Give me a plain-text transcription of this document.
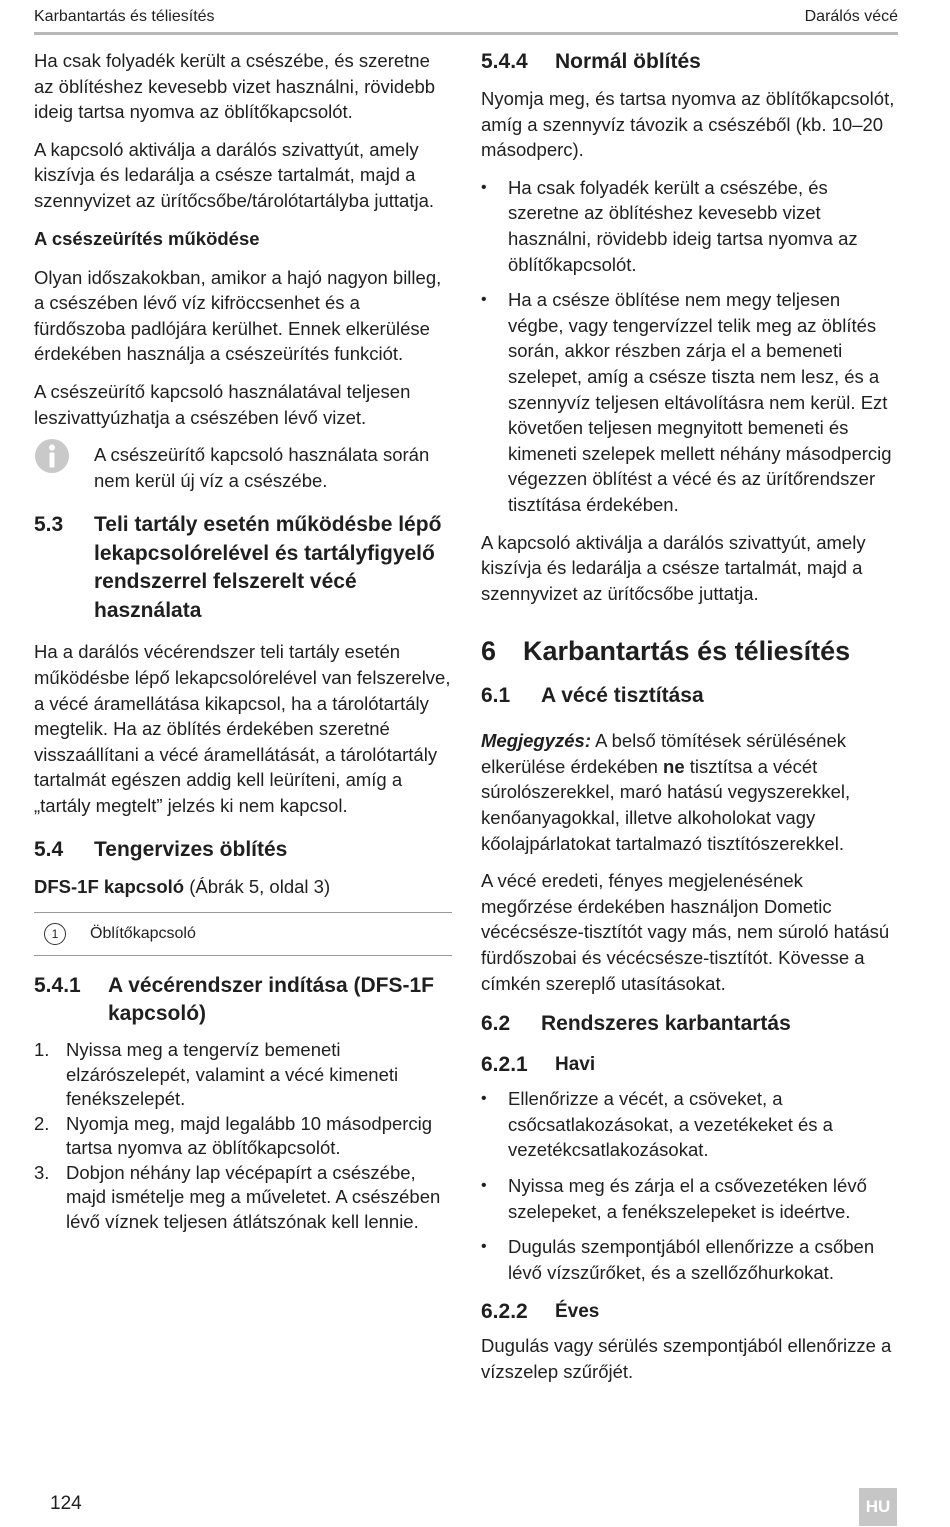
Karbantartás és téliesítés	Darálós vécé

Ha csak folyadék került a csészébe, és szeretne az öblítéshez kevesebb vizet használni, rövidebb ideig tartsa nyomva az öblítőkapcsolót.

A kapcsoló aktiválja a darálós szivattyút, amely kiszívja és ledarálja a csésze tartalmát, majd a szennyvizet az ürítőcsőbe/tárolótartályba juttatja.

A csészeürítés működése

Olyan időszakokban, amikor a hajó nagyon billeg, a csészében lévő víz kifröccsenhet és a fürdőszoba padlójára kerülhet. Ennek elkerülése érdekében használja a csészeürítés funkciót.

A csészeürítő kapcsoló használatával teljesen leszivattyúzhatja a csészében lévő vizet.

A csészeürítő kapcsoló használata során nem kerül új víz a csészébe.

5.3	Teli tartály esetén működésbe lépő lekapcsolórelével és tartályfigyelő rendszerrel felszerelt vécé használata

Ha a darálós vécérendszer teli tartály esetén működésbe lépő lekapcsolórelével van felszerelve, a vécé áramellátása kikapcsol, ha a tárolótartály megtelik. Ha az öblítés érdekében szeretné visszaállítani a vécé áramellátását, a tárolótartály tartalmát egészen addig kell leüríteni, amíg a „tartály megtelt” jelzés ki nem kapcsol.

5.4	Tengervizes öblítés

DFS-1F kapcsoló (Ábrák 5, oldal 3)

1	Öblítőkapcsoló
5.4.1	A vécérendszer indítása (DFS-1F kapcsoló)
1. Nyissa meg a tengervíz bemeneti elzárószelepét, valamint a vécé kimeneti fenékszelepét.
2. Nyomja meg, majd legalább 10 másodpercig tartsa nyomva az öblítőkapcsolót.
3. Dobjon néhány lap vécépapírt a csészébe, majd ismételje meg a műveletet. A csészében lévő víznek teljesen átlátszónak kell lennie.
5.4.4	Normál öblítés

Nyomja meg, és tartsa nyomva az öblítőkapcsolót, amíg a szennyvíz távozik a csészéből (kb. 10–20 másodperc).

•	Ha csak folyadék került a csészébe, és szeretne az öblítéshez kevesebb vizet használni, rövidebb ideig tartsa nyomva az öblítőkapcsolót.
•	Ha a csésze öblítése nem megy teljesen végbe, vagy tengervízzel telik meg az öblítés során, akkor részben zárja el a bemeneti szelepet, amíg a csésze tiszta nem lesz, és a szennyvíz teljesen eltávolításra nem kerül. Ezt követően teljesen megnyitott bemeneti és kimeneti szelepek mellett néhány másodpercig végezzen öblítést a vécé és az ürítőrendszer tisztítása érdekében.

A kapcsoló aktiválja a darálós szivattyút, amely kiszívja és ledarálja a csésze tartalmát, majd a szennyvizet az ürítőcsőbe juttatja.

6 Karbantartás és téliesítés
6.1	A vécé tisztítása

Megjegyzés: A belső tömítések sérülésének elkerülése érdekében ne tisztítsa a vécét súrolószerekkel, maró hatású vegyszerekkel, kenőanyagokkal, illetve alkoholokat vagy kőolajpárlatokat tartalmazó tisztítószerekkel.

A vécé eredeti, fényes megjelenésének megőrzése érdekében használjon Dometic vécécsésze-tisztítót vagy más, nem súroló hatású fürdőszobai és vécécsésze-tisztítót. Kövesse a címkén szereplő utasításokat.

6.2	Rendszeres karbantartás
6.2.1	Havi
•	Ellenőrizze a vécét, a csöveket, a csőcsatlakozásokat, a vezetékeket és a vezetékcsatlakozásokat.
•	Nyissa meg és zárja el a csővezetéken lévő szelepeket, a fenékszelepeket is ideértve.
•	Dugulás szempontjából ellenőrizze a csőben lévő vízszűrőket, és a szellőzőhurkokat.
6.2.2	Éves

Dugulás vagy sérülés szempontjából ellenőrizze a vízszelep szűrőjét.

124	HU
